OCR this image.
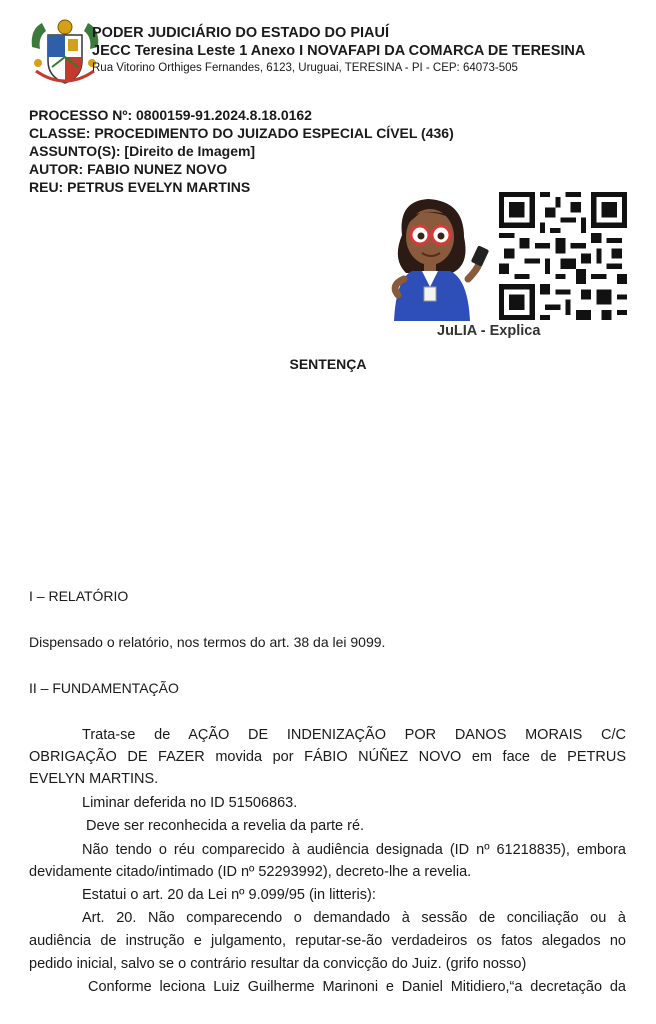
PODER JUDICIÁRIO DO ESTADO DO PIAUÍ
JECC Teresina Leste 1 Anexo I NOVAFAPI DA COMARCA DE TERESINA
Rua Vitorino Orthiges Fernandes, 6123, Uruguai, TERESINA - PI - CEP: 64073-505
PROCESSO Nº: 0800159-91.2024.8.18.0162
CLASSE: PROCEDIMENTO DO JUIZADO ESPECIAL CÍVEL (436)
ASSUNTO(S): [Direito de Imagem]
AUTOR: FABIO NUNEZ NOVO
REU: PETRUS EVELYN MARTINS
JuLIA - Explica
SENTENÇA
I – RELATÓRIO
Dispensado o relatório, nos termos do art. 38 da lei 9099.
II – FUNDAMENTAÇÃO
Trata-se de AÇÃO DE INDENIZAÇÃO POR DANOS MORAIS C/C
OBRIGAÇÃO DE FAZER movida por FÁBIO NÚÑEZ NOVO em face de PETRUS
EVELYN MARTINS.
Liminar deferida no ID 51506863.
Deve ser reconhecida a revelia da parte ré.
Não tendo o réu comparecido à audiência designada (ID nº 61218835), embora
devidamente citado/intimado (ID nº 52293992), decreto-lhe a revelia.
Estatui o art. 20 da Lei nº 9.099/95 (in litteris):
Art. 20. Não comparecendo o demandado à sessão de conciliação ou à
audiência de instrução e julgamento, reputar-se-ão verdadeiros os fatos alegados no
pedido inicial, salvo se o contrário resultar da convicção do Juiz. (grifo nosso)
Conforme leciona Luiz Guilherme Marinoni e Daniel Mitidiero,“a decretação da
